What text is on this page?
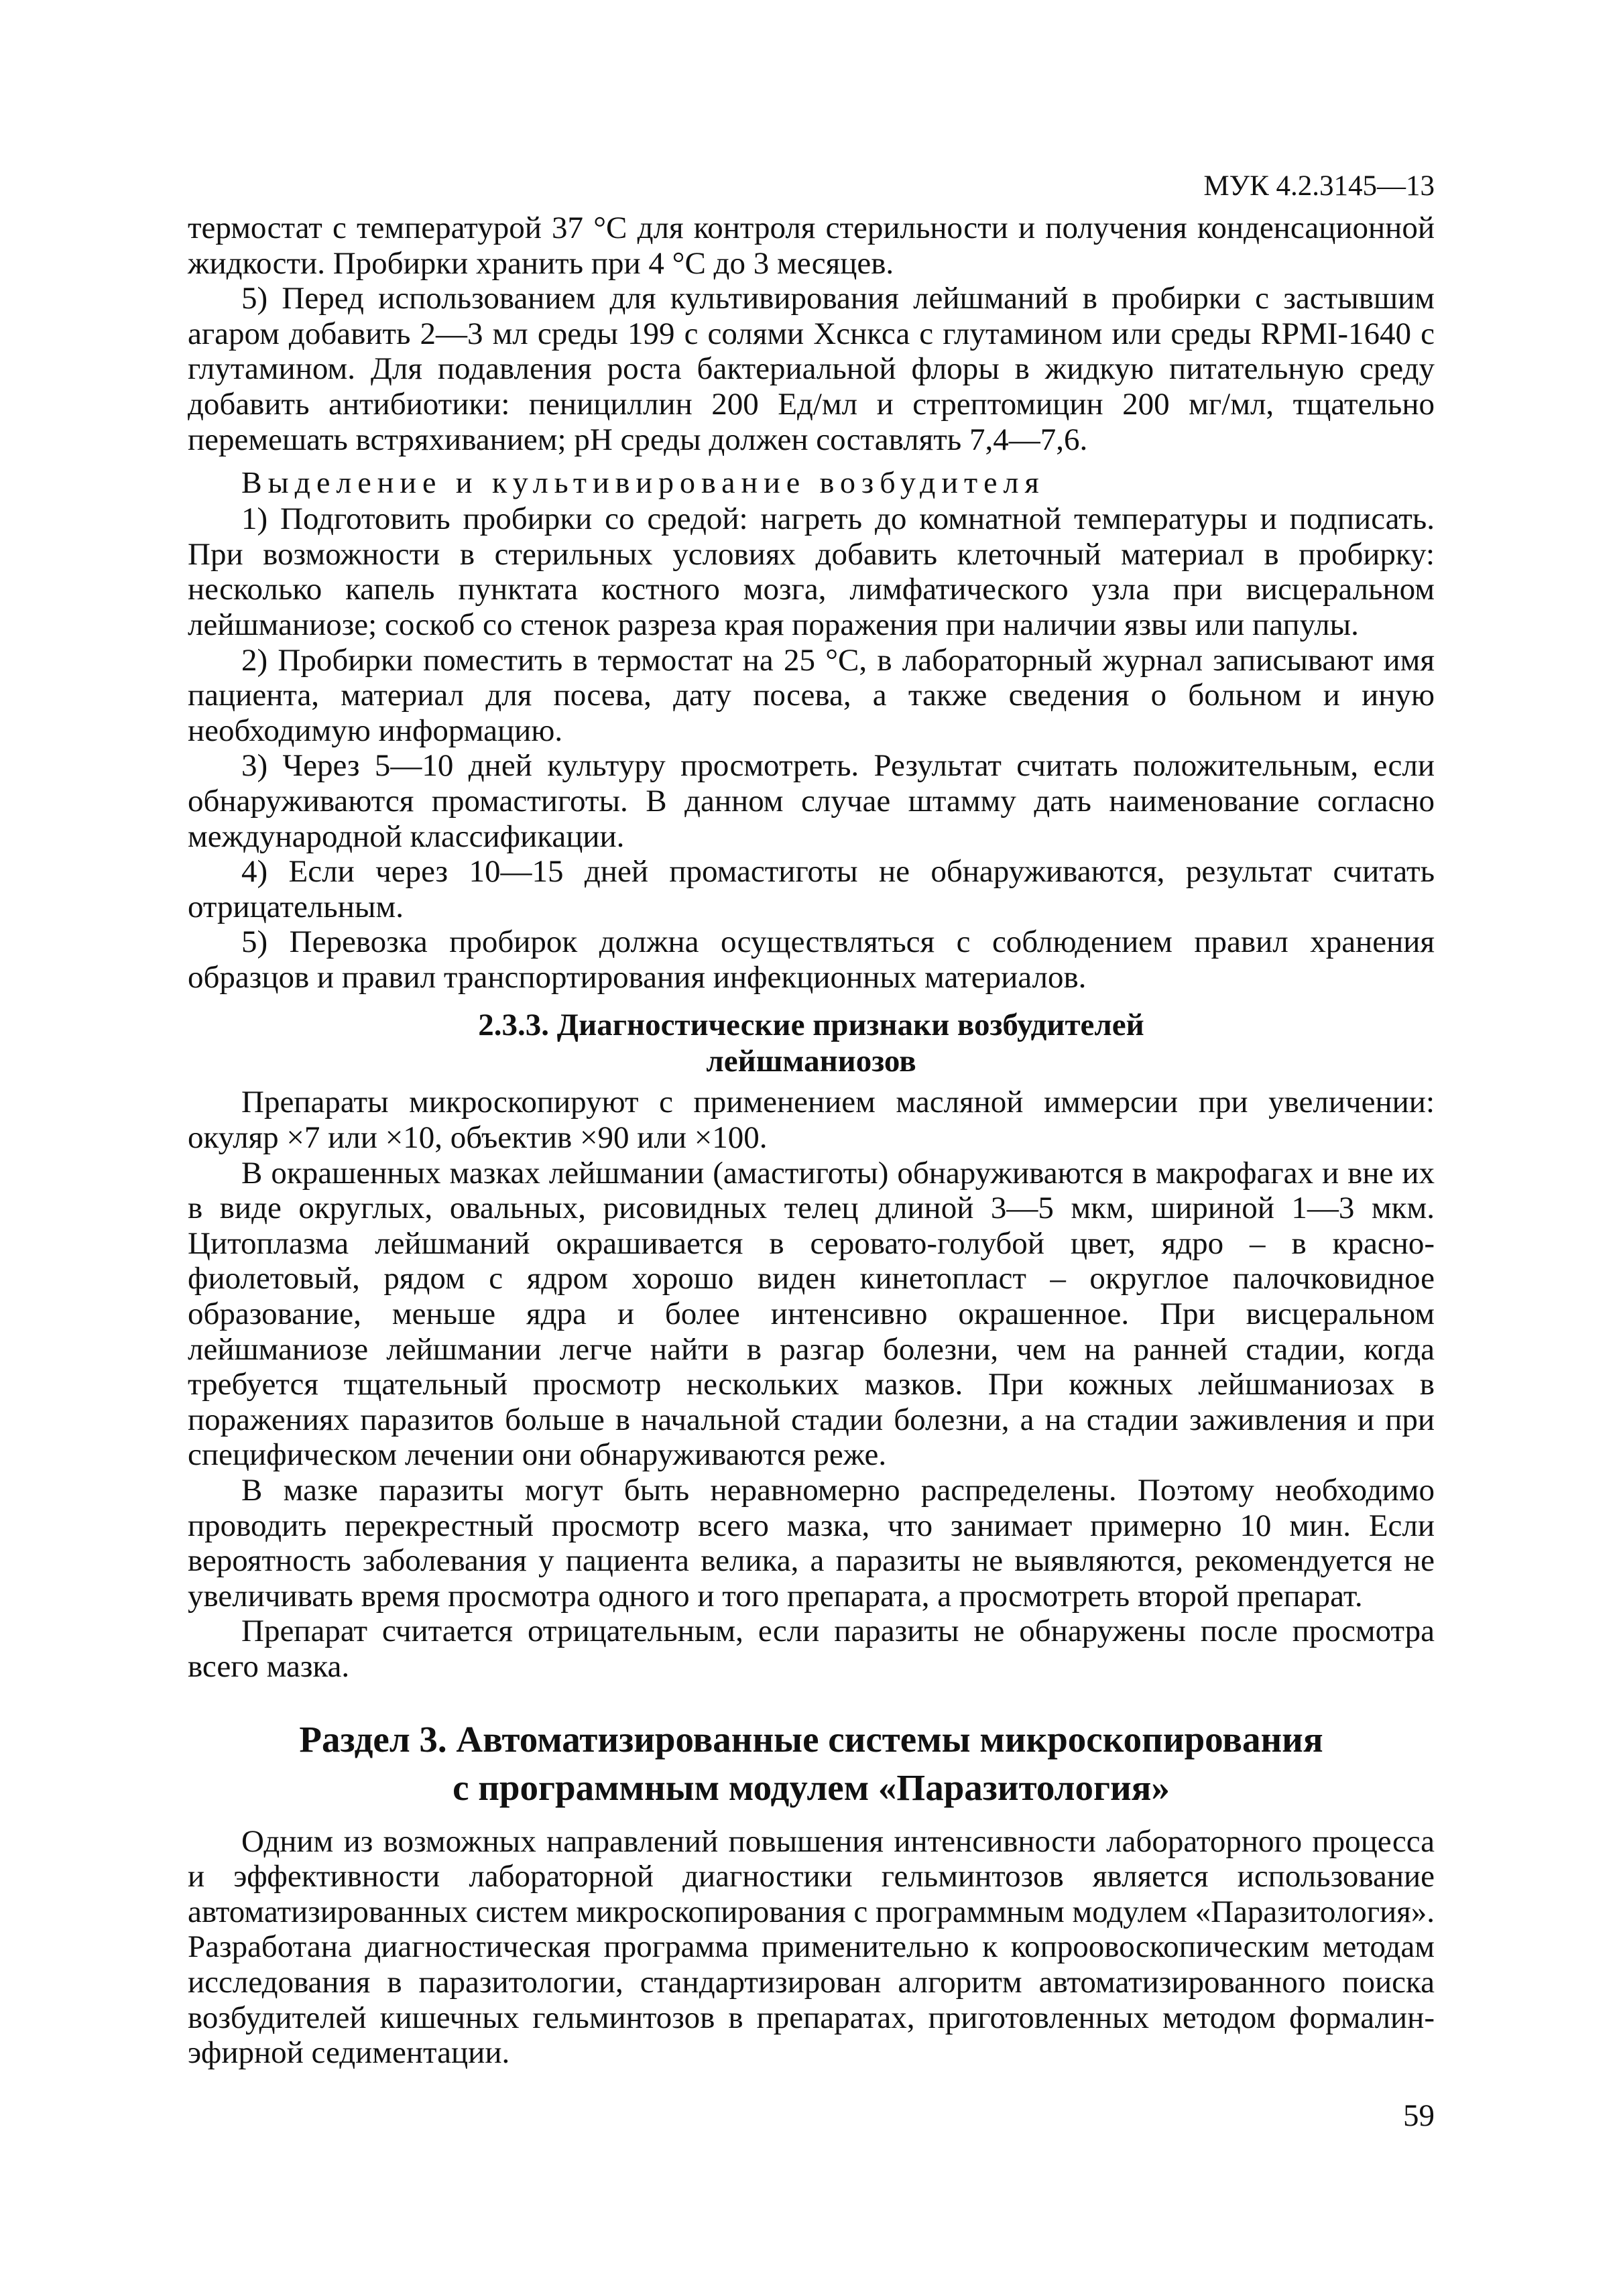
МУК 4.2.3145—13

термостат с температурой 37 °С для контроля стерильности и получения конденсационной жидкости. Пробирки хранить при 4 °С до 3 месяцев.

5) Перед использованием для культивирования лейшманий в пробирки с застывшим агаром добавить 2—3 мл среды 199 с солями Хснкса с глутамином или среды RPMI-1640 с глутамином. Для подавления роста бактериальной флоры в жидкую питательную среду добавить антибиотики: пенициллин 200 Ед/мл и стрептомицин 200 мг/мл, тщательно перемешать встряхиванием; рН среды должен составлять 7,4—7,6.

Выделение и культивирование возбудителя

1) Подготовить пробирки со средой: нагреть до комнатной температуры и подписать. При возможности в стерильных условиях добавить клеточный материал в пробирку: несколько капель пунктата костного мозга, лимфатического узла при висцеральном лейшманиозе; соскоб со стенок разреза края поражения при наличии язвы или папулы.

2) Пробирки поместить в термостат на 25 °С, в лабораторный журнал записывают имя пациента, материал для посева, дату посева, а также сведения о больном и иную необходимую информацию.

3) Через 5—10 дней культуру просмотреть. Результат считать положительным, если обнаруживаются промастиготы. В данном случае штамму дать наименование согласно международной классификации.

4) Если через 10—15 дней промастиготы не обнаруживаются, результат считать отрицательным.

5) Перевозка пробирок должна осуществляться с соблюдением правил хранения образцов и правил транспортирования инфекционных материалов.

2.3.3. Диагностические признаки возбудителей
лейшманиозов

Препараты микроскопируют с применением масляной иммерсии при увеличении: окуляр ×7 или ×10, объектив ×90 или ×100.

В окрашенных мазках лейшмании (амастиготы) обнаруживаются в макрофагах и вне их в виде округлых, овальных, рисовидных телец длиной 3—5 мкм, шириной 1—3 мкм. Цитоплазма лейшманий окрашивается в серовато-голубой цвет, ядро – в красно-фиолетовый, рядом с ядром хорошо виден кинетопласт – округлое палочковидное образование, меньше ядра и более интенсивно окрашенное. При висцеральном лейшманиозе лейшмании легче найти в разгар болезни, чем на ранней стадии, когда требуется тщательный просмотр нескольких мазков. При кожных лейшманиозах в поражениях паразитов больше в начальной стадии болезни, а на стадии заживления и при специфическом лечении они обнаруживаются реже.

В мазке паразиты могут быть неравномерно распределены. Поэтому необходимо проводить перекрестный просмотр всего мазка, что занимает примерно 10 мин. Если вероятность заболевания у пациента велика, а паразиты не выявляются, рекомендуется не увеличивать время просмотра одного и того препарата, а просмотреть второй препарат.

Препарат считается отрицательным, если паразиты не обнаружены после просмотра всего мазка.

Раздел 3. Автоматизированные системы микроскопирования
с программным модулем «Паразитология»

Одним из возможных направлений повышения интенсивности лабораторного процесса и эффективности лабораторной диагностики гельминтозов является использование автоматизированных систем микроскопирования с программным модулем «Паразитология». Разработана диагностическая программа применительно к копроовоскопическим методам исследования в паразитологии, стандартизирован алгоритм автоматизированного поиска возбудителей кишечных гельминтозов в препаратах, приготовленных методом формалин-эфирной седиментации.

59
